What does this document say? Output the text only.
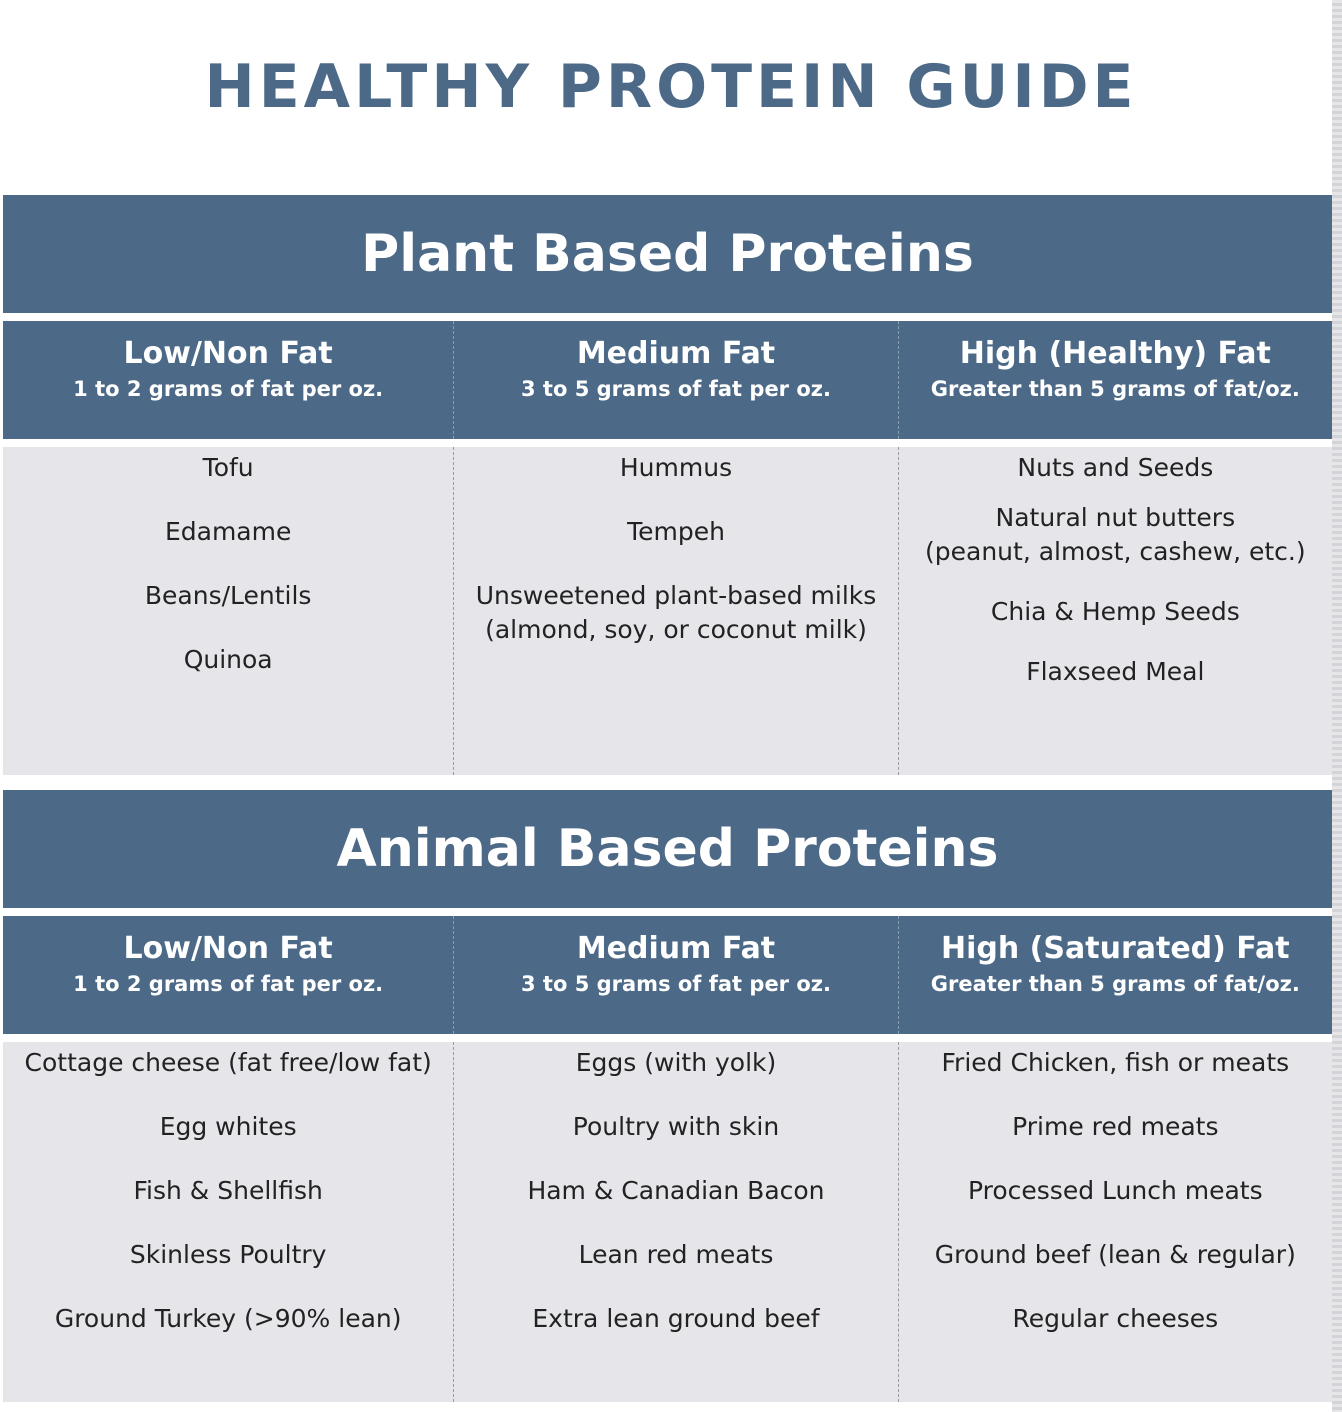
HEALTHY PROTEIN GUIDE
Plant Based Proteins
Low/Non Fat
1 to 2 grams of fat per oz.
Medium Fat
3 to 5 grams of fat per oz.
High (Healthy) Fat
Greater than 5 grams of fat/oz.
Tofu
Edamame
Beans/Lentils
Quinoa
Hummus
Tempeh
Unsweetened plant-based milks
(almond, soy, or coconut milk)
Nuts and Seeds
Natural nut butters
(peanut, almost, cashew, etc.)
Chia & Hemp Seeds
Flaxseed Meal
Animal Based Proteins
Low/Non Fat
1 to 2 grams of fat per oz.
Medium Fat
3 to 5 grams of fat per oz.
High (Saturated) Fat
Greater than 5 grams of fat/oz.
Cottage cheese (fat free/low fat)
Egg whites
Fish & Shellfish
Skinless Poultry
Ground Turkey (>90% lean)
Eggs (with yolk)
Poultry with skin
Ham & Canadian Bacon
Lean red meats
Extra lean ground beef
Fried Chicken, fish or meats
Prime red meats
Processed Lunch meats
Ground beef (lean & regular)
Regular cheeses
